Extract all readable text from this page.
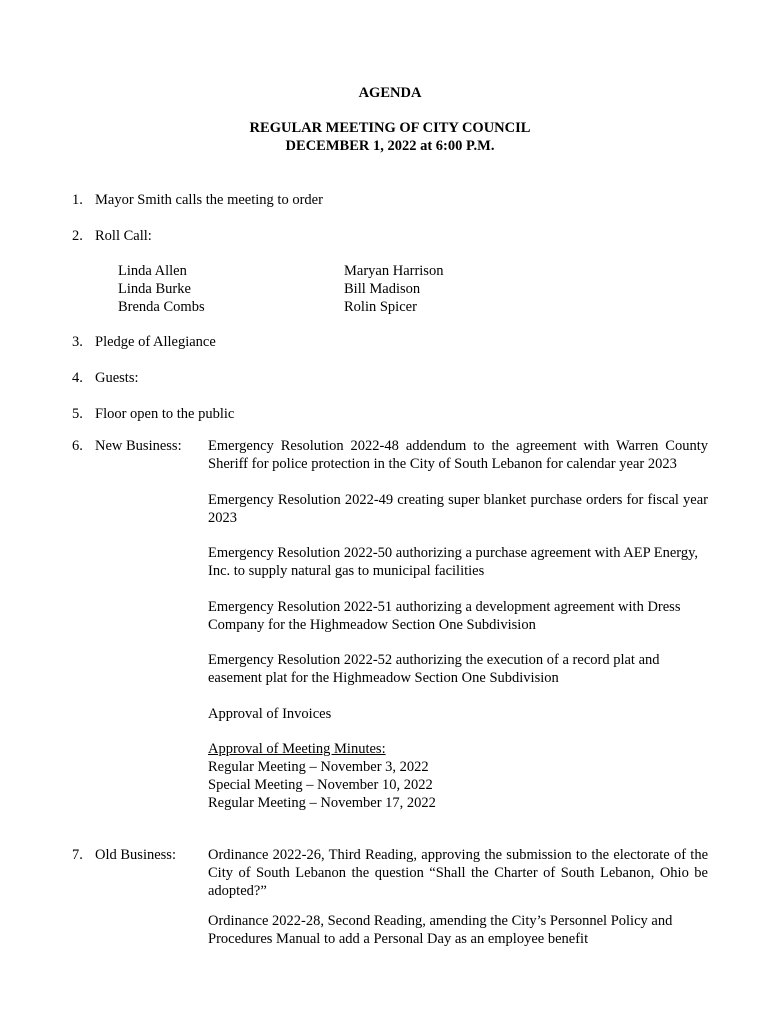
AGENDA
REGULAR MEETING OF CITY COUNCIL
DECEMBER 1, 2022 at 6:00 P.M.
1. Mayor Smith calls the meeting to order
2. Roll Call:
Linda Allen
Linda Burke
Brenda Combs
Maryan Harrison
Bill Madison
Rolin Spicer
3. Pledge of Allegiance
4. Guests:
5. Floor open to the public
6. New Business: Emergency Resolution 2022-48 addendum to the agreement with Warren County Sheriff for police protection in the City of South Lebanon for calendar year 2023
Emergency Resolution 2022-49 creating super blanket purchase orders for fiscal year 2023
Emergency Resolution 2022-50 authorizing a purchase agreement with AEP Energy, Inc. to supply natural gas to municipal facilities
Emergency Resolution 2022-51 authorizing a development agreement with Dress Company for the Highmeadow Section One Subdivision
Emergency Resolution 2022-52 authorizing the execution of a record plat and easement plat for the Highmeadow Section One Subdivision
Approval of Invoices
Approval of Meeting Minutes:
Regular Meeting – November 3, 2022
Special Meeting – November 10, 2022
Regular Meeting – November 17, 2022
7. Old Business: Ordinance 2022-26, Third Reading, approving the submission to the electorate of the City of South Lebanon the question “Shall the Charter of South Lebanon, Ohio be adopted?”
Ordinance 2022-28, Second Reading, amending the City’s Personnel Policy and Procedures Manual to add a Personal Day as an employee benefit
